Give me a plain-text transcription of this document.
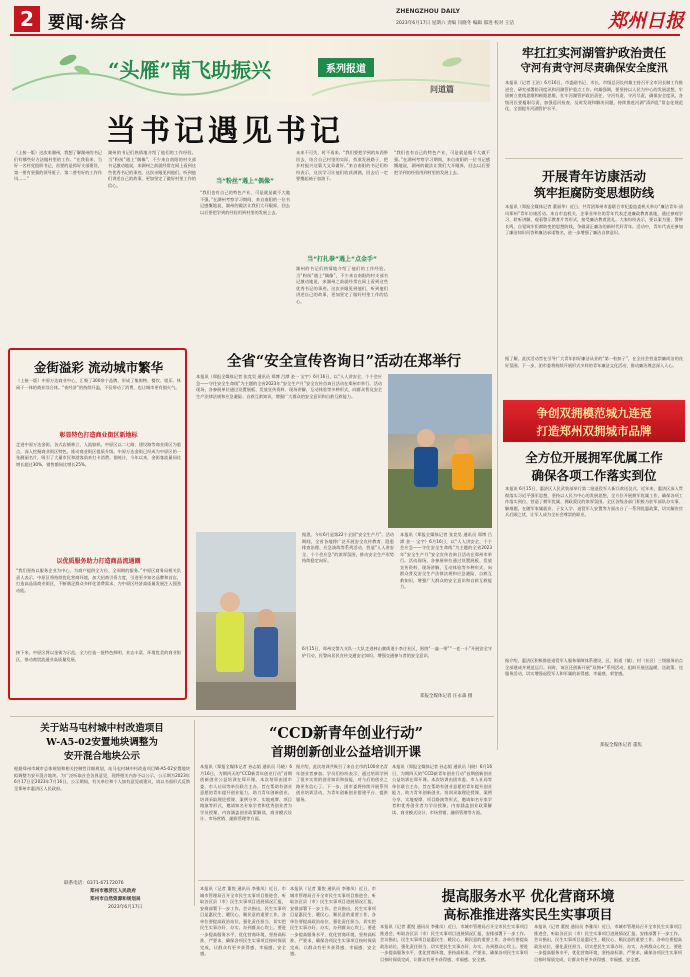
2 要闻·综合
ZHENGZHOU DAILY
2023年6月17日 星期六 责编 闫晓冬 编辑 邵进 校对 王洁	郑州日报
“头雁”南飞助振兴	系列报道
问道篇
当书记遇见书记
（上接一版）这次来湖州，我想了解湖州的书记们有哪些好方法做村里的工作。“在我看来，当好一名村党组织书记，首要的是抓好支部建设，第一要有坚强的领导班子，第二要有好的工作作风……”
湖州的书记们热情地介绍了他们的工作经验。当“粉丝”遇上“偶像”，不少来自南阳的村支部书记激动地说，来湖州之前就经常在网上看到这些优秀书记的事迹。这次亲眼见到他们，听到他们讲述自己的故事，更加坚定了做好村里工作的信心。	当“粉丝”遇上“偶像”
“我们也有自己的特色产业，可是就是做不大做不强。”在湖州考察学习期间，来自南阳的一位书记感慨地说，湖州的做法让我们大开眼界，回去以后要把学到的经验用到村里的发展上去。
未来不可失，时不再来。“我们要把学到的东西带回去，结合自己村里的实际，找准发展路子，把乡村振兴这篇大文章做好。”来自南阳的书记们纷纷表示，这次学习让他们收获满满，回去后一定要撸起袖子加油干。
当“打扎拳”遇上“点金手”
湖州的书记们热情地介绍了他们的工作经验。当“粉丝”遇上“偶像”，不少来自南阳的村支部书记激动地说，来湖州之前就经常在网上看到这些优秀书记的事迹。这次亲眼见到他们，听到他们讲述自己的故事，更加坚定了做好村里工作的信心。
“我们也有自己的特色产业，可是就是做不大做不强。”在湖州考察学习期间，来自南阳的一位书记感慨地说，湖州的做法让我们大开眼界，回去以后要把学到的经验用到村里的发展上去。
牢扛扛实河湖管护政治责任
守河有责守河尽责确保安全度汛
本报讯（记者 王治）6月16日，市委副书记、市长、市级总河长何雄主持召开全市河长制工作推进会，研究部署防汛度汛和河湖管护重点工作。何雄强调，要坚持以人民为中心的发展思想，牢固树立底线思维和极限思维，扛牢河湖管护政治责任，守河有责、守河尽责，确保安全度汛。各级河长要履职尽责，加强巡河检查，及时发现和解决问题，持续推进河湖“清四乱”常态化规范化，全面提升河湖管护水平。
开展青年访康活动
筑牢拒腐防变思想防线
本报讯（郑报全媒体记者 董丽华）近日，共青团郑州市委联合市纪委监委机关举办“廉洁青年·清风郑州”青年访康活动。来自市直机关、企事业单位的青年代表走进廉政教育基地，通过参观学习、聆听讲解、观看警示教育片等形式，接受廉洁教育洗礼。大家纷纷表示，要以案为鉴、警钟长鸣，自觉筑牢拒腐防变的思想防线，争做清正廉洁的新时代好青年。活动中，青年代表还参加了廉洁知识问答和廉洁承诺签名，进一步增强了廉洁自律意识。
据了解，此次活动旨在引导广大青年扣好廉洁从业的“第一粒扣子”，在全社会营造崇廉尚洁的良好氛围。下一步，团市委将持续开展形式多样的青年廉洁文化活动，推动廉洁理念深入人心。
争创双拥模范城九连冠
打造郑州双拥城市品牌
全方位开展拥军优属工作
确保各项工作落实到位
本报讯 6月15日，惠济区人民武装部举行第二批退役军人新兵欢送仪式。近年来，惠济区深入贯彻落实习近平强军思想，坚持以人民为中心的发展思想，全方位开展拥军优属工作，确保各项工作落实到位，营造了拥军优属、拥政爱民的浓厚氛围。全区各级各部门积极为驻军部队办实事、解难题，在随军家属就业、子女入学、退役军人安置等方面出台了一系列优惠政策，切实解决官兵后顾之忧，让军人成为全社会尊崇的职业。
据介绍，惠济区积极推进退役军人服务保障体系建设，区、街道（镇）、村（社区）三级服务站点全部建成并规范运行。同时，该区还创新开展“双拥+”系列活动，组织开展送温暖、送政策、送服务活动，切实增强退役军人和军属的获得感、幸福感、荣誉感。
郑报全媒体记者 董焦
金街溢彩 流动城市繁华
（上接一版）中原万达商业中心，汇聚了300余个品牌，形成了集购物、餐饮、娱乐、休闲于一体的商业综合体。“夜经济”的持续升温，不仅带动了消费，也让城市更有烟火气。
彰显特色打造商业街区新地标
走进中原万达金街，各式店铺林立，人流如织。中原区以二七路、建设路等商业街区为重点，深入挖掘商业街区特色，推动商业街区提质升级。中原万达金街已经成为中原区的一张靓丽名片，吸引了大量市民和游客前来打卡消费。据统计，今年以来，金街客流量同比增长超过30%，销售额同比增长25%。
以优质服务助力打造商品流通圈
“我们坚持以服务企业为中心，为商户提供全方位、全周期的服务。”中原区商务局相关负责人表示，中原区将持续优化营商环境，加大招商引资力度，引进更多知名品牌和首店，打造高品质商业街区，不断满足群众多样化消费需求，为中原区经济高质量发展注入强劲动能。
接下来，中原区将以金街为示范，全力打造一批特色鲜明、业态丰富、环境优美的商业街区，推动商贸流通业高质量发展。
全省“安全宣传咨询日”活动在郑举行
本报讯（郑报全媒体记者 张竞昊 通讯员 郑博 吕潭 金一 宝宇）6月16日，以“人人讲安全、个个会应急——守住安全生命线”为主题的全省2023年“安全生产月”安全宣传咨询日活动在郑州市举行。活动现场，各参展单位通过设置展板、发放宣传资料、现场讲解、互动体验等多种形式，向群众普及安全生产法律法规和应急避险、自救互救知识，增强广大群众的安全意识和自救互救能力。
据悉，今年6月是第22个全国“安全生产月”。活动期间，全省各地将广泛开展安全宣传教育、隐患排查治理、应急演练等系列活动，营造“人人讲安全、个个会应急”的浓厚氛围，推动安全生产形势持续稳定向好。
本报讯（郑报全媒体记者 张竞昊 通讯员 郑博 吕潭 金一 宝宇）6月16日，以“人人讲安全、个个会应急——守住安全生命线”为主题的全省2023年“安全生产月”安全宣传咨询日活动在郑州市举行。活动现场，各参展单位通过设置展板、发放宣传资料、现场讲解、互动体验等多种形式，向群众普及安全生产法律法规和应急避险、自救互救知识，增强广大群众的安全意识和自救互救能力。
6月15日，郑州交警九支队一大队走进林山寨街道小李庄社区，围绕“一盔一带”“一老一小”开展安全守护行动，民警向居民宣传交通安全知识，增强交通参与者的安全意识。
郑报全媒体记者 汪永森 摄
关于站马屯村城中村改造项目
W-A5-02安置地块调整为
安开混合地块公示
根据郑州市城市总体规划和相关控制性详细规划，站马屯村城中村改造项目W-A5-02安置地块拟调整为安开混合地块。为广泛听取社会各界意见，现将相关内容予以公示，公示期为2023年6月17日至2023年7月16日。公示期间，有关单位和个人如有意见或建议，请以书面形式反馈至郑州市惠济区人民政府。
联系电话：0371-67172076
郑州市惠济区人民政府
郑州市自然资源和规划局
2023年6月17日
“CCD新青年创业行动”
首期创新创业公益培训开课
本报讯（郑报全媒体记者 孙志韬 通讯员 马晓）6月16日，为期四天的“CCD新青年创业行动”首期创新创业公益培训在郑开课。本次培训由团市委、市人社局等单位联合主办，旨在帮助有创业意愿的青年提升创业能力，助力青年创新创业。培训采取理论授课、案例分享、实地观摩、项目路演等形式，邀请知名专家学者和优秀创业者为学员授课，内容涵盖创业政策解读、商业模式设计、市场营销、融资管理等方面。
据介绍，此次培训共吸引了来自全市的100余名青年创业者参加。学员们纷纷表示，通过培训学到了很多实用的创业知识和技能，对今后的创业之路更有信心了。下一步，团市委将持续开展系列创业培训活动，为青年创新创业搭建平台、提供服务。
本报讯（郑报全媒体记者 孙志韬 通讯员 马晓）6月16日，为期四天的“CCD新青年创业行动”首期创新创业公益培训在郑开课。本次培训由团市委、市人社局等单位联合主办，旨在帮助有创业意愿的青年提升创业能力，助力青年创新创业。培训采取理论授课、案例分享、实地观摩、项目路演等形式，邀请知名专家学者和优秀创业者为学员授课，内容涵盖创业政策解读、商业模式设计、市场营销、融资管理等方面。
提高服务水平 优化营商环境
高标准推进落实民生实事项目
本报讯（记者 董悦 通讯员 李雅凤）近日，市城市管理局召开全市民生实事项目推进会，听取各区县（市）民生实事项目进展情况汇报，安排部署下一步工作。会议指出，民生实事项目是惠民生、暖民心、顺民意的重要工作，各单位要提高政治站位，强化责任担当，切实把民生实事办好、办实、办到群众心坎上。要进一步提高服务水平，优化营商环境，坚持高标准、严要求，确保各项民生实事项目按时保质完成，让群众有更多获得感、幸福感、安全感。
本报讯（记者 董悦 通讯员 李雅凤）近日，市城市管理局召开全市民生实事项目推进会，听取各区县（市）民生实事项目进展情况汇报，安排部署下一步工作。会议指出，民生实事项目是惠民生、暖民心、顺民意的重要工作，各单位要提高政治站位，强化责任担当，切实把民生实事办好、办实、办到群众心坎上。要进一步提高服务水平，优化营商环境，坚持高标准、严要求，确保各项民生实事项目按时保质完成，让群众有更多获得感、幸福感、安全感。
本报讯（记者 董悦 通讯员 李雅凤）近日，市城市管理局召开全市民生实事项目推进会，听取各区县（市）民生实事项目进展情况汇报，安排部署下一步工作。会议指出，民生实事项目是惠民生、暖民心、顺民意的重要工作，各单位要提高政治站位，强化责任担当，切实把民生实事办好、办实、办到群众心坎上。要进一步提高服务水平，优化营商环境，坚持高标准、严要求，确保各项民生实事项目按时保质完成，让群众有更多获得感、幸福感、安全感。
本报讯（记者 董悦 通讯员 李雅凤）近日，市城市管理局召开全市民生实事项目推进会，听取各区县（市）民生实事项目进展情况汇报，安排部署下一步工作。会议指出，民生实事项目是惠民生、暖民心、顺民意的重要工作，各单位要提高政治站位，强化责任担当，切实把民生实事办好、办实、办到群众心坎上。要进一步提高服务水平，优化营商环境，坚持高标准、严要求，确保各项民生实事项目按时保质完成，让群众有更多获得感、幸福感、安全感。
